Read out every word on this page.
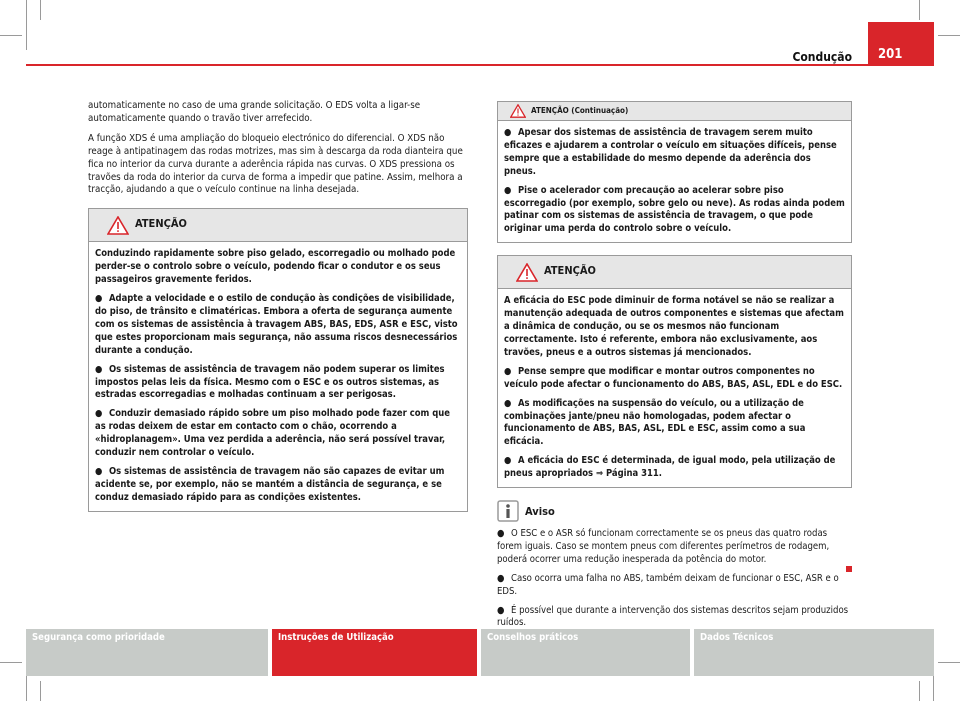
Condução	201

automaticamente no caso de uma grande solicitação. O EDS volta a ligar-se automaticamente quando o travão tiver arrefecido.

A função XDS é uma ampliação do bloqueio electrónico do diferencial. O XDS não reage à antipatinagem das rodas motrizes, mas sim à descarga da roda dianteira que fica no interior da curva durante a aderência rápida nas curvas. O XDS pressiona os travões da roda do interior da curva de forma a impedir que patine. Assim, melhora a tracção, ajudando a que o veículo continue na linha desejada.

ATENÇÃO

Conduzindo rapidamente sobre piso gelado, escorregadio ou molhado pode perder-se o controlo sobre o veículo, podendo ficar o condutor e os seus passageiros gravemente feridos.

● Adapte a velocidade e o estilo de condução às condições de visibilidade, do piso, de trânsito e climatéricas. Embora a oferta de segurança aumente com os sistemas de assistência à travagem ABS, BAS, EDS, ASR e ESC, visto que estes proporcionam mais segurança, não assuma riscos desnecessários durante a condução.

● Os sistemas de assistência de travagem não podem superar os limites impostos pelas leis da física. Mesmo com o ESC e os outros sistemas, as estradas escorregadias e molhadas continuam a ser perigosas.

● Conduzir demasiado rápido sobre um piso molhado pode fazer com que as rodas deixem de estar em contacto com o chão, ocorrendo a «hidroplanagem». Uma vez perdida a aderência, não será possível travar, conduzir nem controlar o veículo.

● Os sistemas de assistência de travagem não são capazes de evitar um acidente se, por exemplo, não se mantém a distância de segurança, e se conduz demasiado rápido para as condições existentes.

ATENÇÃO (Continuação)

● Apesar dos sistemas de assistência de travagem serem muito eficazes e ajudarem a controlar o veículo em situações difíceis, pense sempre que a estabilidade do mesmo depende da aderência dos pneus.

● Pise o acelerador com precaução ao acelerar sobre piso escorregadio (por exemplo, sobre gelo ou neve). As rodas ainda podem patinar com os sistemas de assistência de travagem, o que pode originar uma perda do controlo sobre o veículo.

ATENÇÃO

A eficácia do ESC pode diminuir de forma notável se não se realizar a manutenção adequada de outros componentes e sistemas que afectam a dinâmica de condução, ou se os mesmos não funcionam correctamente. Isto é referente, embora não exclusivamente, aos travões, pneus e a outros sistemas já mencionados.

● Pense sempre que modificar e montar outros componentes no veículo pode afectar o funcionamento do ABS, BAS, ASL, EDL e do ESC.

● As modificações na suspensão do veículo, ou a utilização de combinações jante/pneu não homologadas, podem afectar o funcionamento de ABS, BAS, ASL, EDL e ESC, assim como a sua eficácia.

● A eficácia do ESC é determinada, de igual modo, pela utilização de pneus apropriados ⇒ Página 311.

Aviso

● O ESC e o ASR só funcionam correctamente se os pneus das quatro rodas forem iguais. Caso se montem pneus com diferentes perímetros de rodagem, poderá ocorrer uma redução inesperada da potência do motor.

● Caso ocorra uma falha no ABS, também deixam de funcionar o ESC, ASR e o EDS.

● É possível que durante a intervenção dos sistemas descritos sejam produzidos ruídos.

Segurança como prioridade	Instruções de Utilização	Conselhos práticos	Dados Técnicos
